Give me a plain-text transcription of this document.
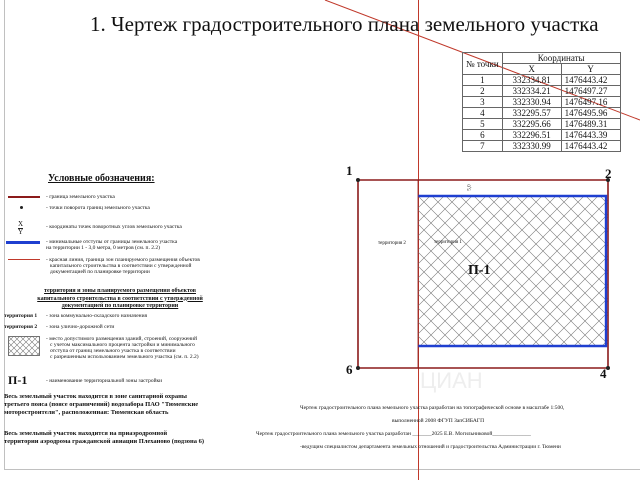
1. Чертеж градостроительного плана земельного участка
№ точки	Координаты	
	X	Y
1	332334.81	1476443.42
2	332334.21	1476497.27
3	332330.94	1476497.16
4	332295.57	1476495.96
5	332295.66	1476489.31
6	332296.51	1476443.39
7	332330.99	1476443.42
Условные обозначения:
- граница земельного участка
- точки поворота границ земельного участка
X
Y
- координаты точек поворотных углов земельного участка
- минимальные отступы от границы земельного участка
на территории 1 - 3,0 метра, 0 метров (см. п. 2.2)
- красная линия, граница зон планируемого размещения объектов
капитального строительства в соответствии с утвержденной
документацией по планировке территории
территория и зоны планируемого размещения объектов
капитального строительства в соответствии с утвержденной
документацией по планировке территории
территория 1 - зона коммунально-складского назначения
территория 2 - зона улично-дорожной сети
- место допустимого размещения зданий, строений, сооружений
с учетом максимального процента застройки и минимального
отступа от границ земельного участка в соответствии
с разрешенным использованием земельного участка (см. п. 2.2)
П-1	- наименование территориальной зоны застройки
Весь земельный участок находится в зоне санитарной охраны
третьего пояса (поясе ограничений) водозабора ПАО "Тюменские
моторостроители", расположенная: Тюменская область
Весь земельный участок находится на приаэродромной
территории аэродрома гражданской авиации Плеханово (подзона 6)
1	2
4
6
5,0
территория 2	территория 1
П-1
ЦИАН
Чертеж градостроительного плана земельного участка разработан на топографической основе в масштабе 1:500,
выполненной 2008 ФГУП ЗапСИБАГП
Чертеж градостроительного плана земельного участка разработан _______2025 Е.В. Могильниковой______________
-ведущим специалистом департамента земельных отношений и градостроительства Администрации г. Тюмени
